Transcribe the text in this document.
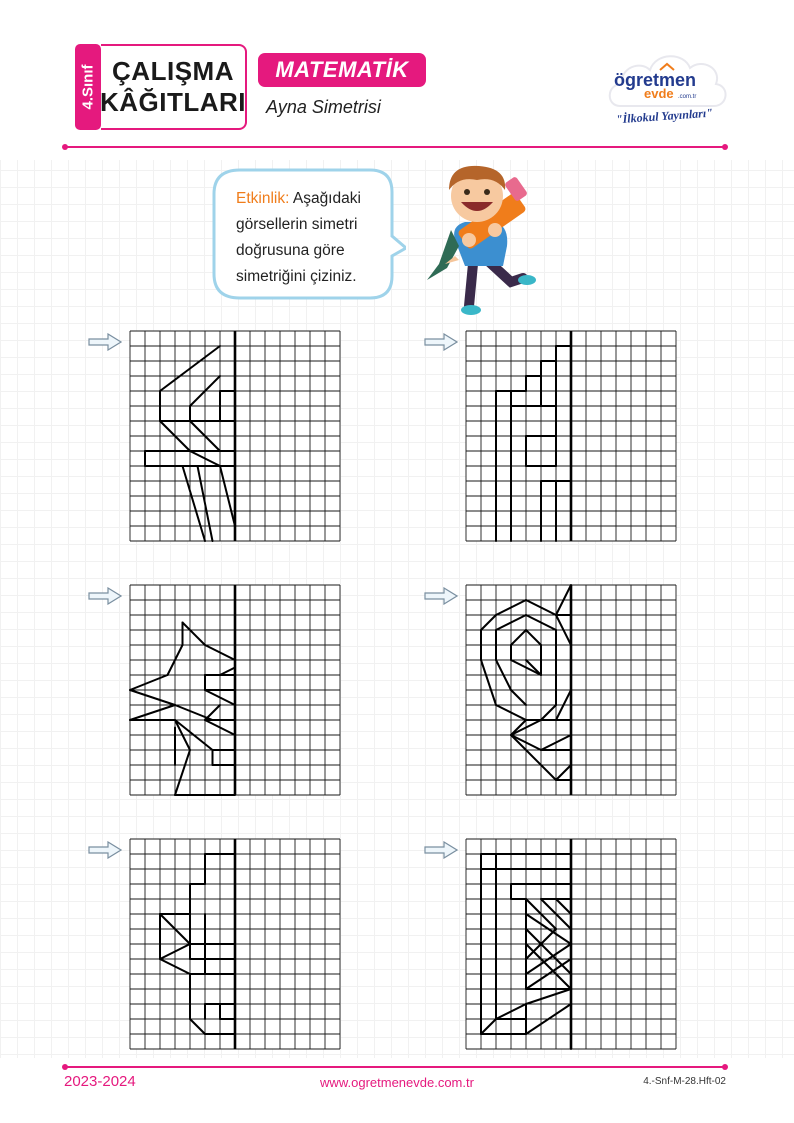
4.Sınıf ÇALIŞMA
KÂĞITLARI
MATEMATİK
Ayna Simetrisi
ögretmen
evde .com.tr
"İlkokul Yayınları"
Etkinlik: Aşağıdaki
görsellerin simetri
doğrusuna göre
simetriğini çiziniz.
2023-2024	www.ogretmenevde.com.tr	4.-Snf-M-28.Hft-02
